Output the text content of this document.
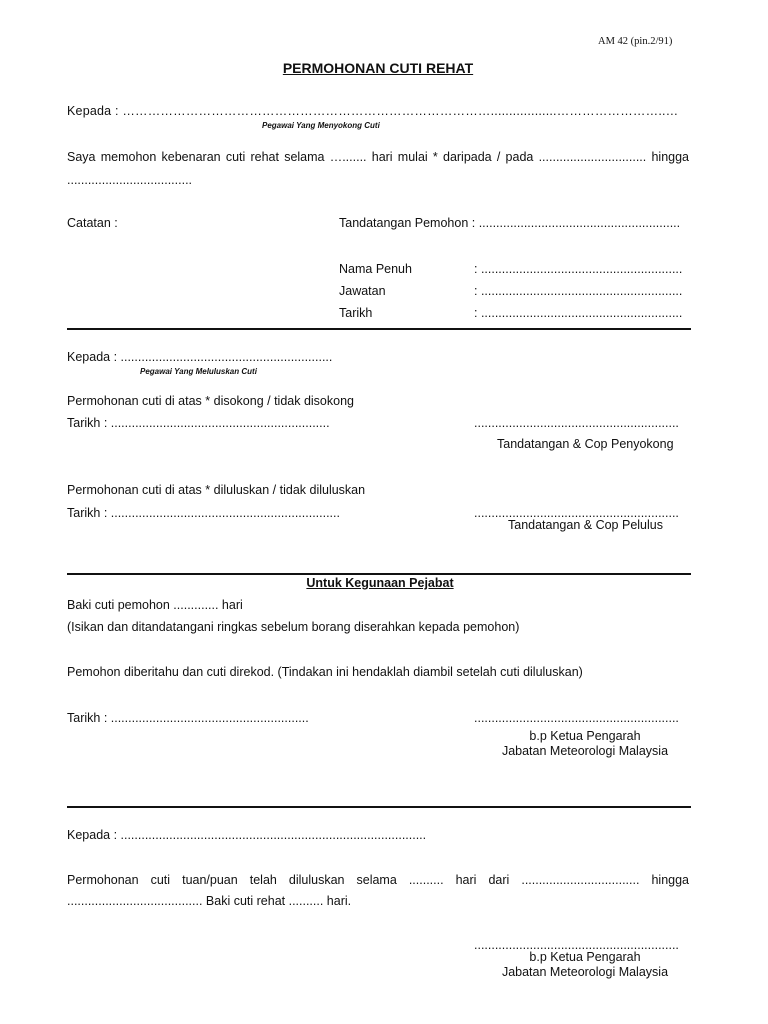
AM 42 (pin.2/91)
PERMOHONAN CUTI REHAT
Kepada : ……………………………………………………………………………..................……………………..…
Pegawai Yang Menyokong Cuti
Saya memohon kebenaran cuti rehat selama …....... hari mulai * daripada / pada ............................... hingga
....................................
Catatan :	Tandatangan Pemohon : ..........................................................
Nama Penuh	: ..........................................................
Jawatan	: ..........................................................
Tarikh	: ..........................................................
Kepada : .............................................................
Pegawai Yang Meluluskan Cuti
Permohonan cuti di atas * disokong / tidak disokong
Tarikh : ...............................................................	...........................................................
Tandatangan & Cop Penyokong
Permohonan cuti di atas * diluluskan / tidak diluluskan
Tarikh : ..................................................................	...........................................................
Tandatangan & Cop Pelulus
Untuk Kegunaan Pejabat
Baki cuti pemohon ............. hari
(Isikan dan ditandatangani ringkas sebelum borang diserahkan kepada pemohon)
Pemohon diberitahu dan cuti direkod. (Tindakan ini hendaklah diambil setelah cuti diluluskan)
Tarikh : .........................................................	...........................................................
b.p Ketua Pengarah
Jabatan Meteorologi Malaysia
Kepada : ........................................................................................
Permohonan cuti tuan/puan telah diluluskan selama .......... hari dari .................................. hingga
....................................... Baki cuti rehat .......... hari.
...........................................................
b.p Ketua Pengarah
Jabatan Meteorologi Malaysia
